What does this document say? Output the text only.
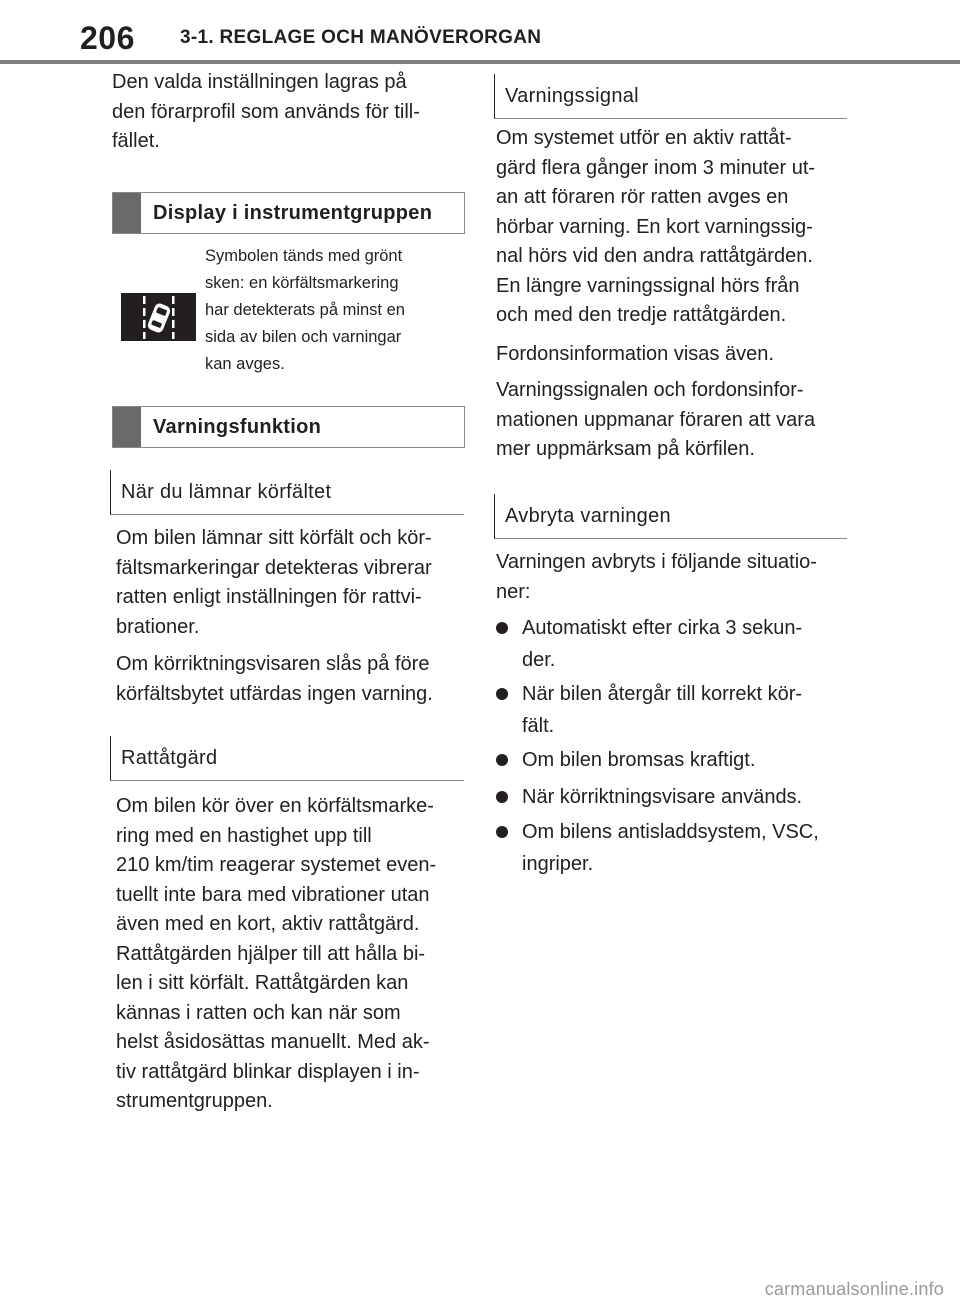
206 3-1. REGLAGE OCH MANÖVERORGAN
Den valda inställningen lagras på
den förarprofil som används för till-
fället.
Display i instrumentgruppen
Symbolen tänds med grönt
sken: en körfältsmarkering
har detekterats på minst en
sida av bilen och varningar
kan avges.
Varningsfunktion
När du lämnar körfältet
Om bilen lämnar sitt körfält och kör-
fältsmarkeringar detekteras vibrerar
ratten enligt inställningen för rattvi-
brationer.
Om körriktningsvisaren slås på före
körfältsbytet utfärdas ingen varning.
Rattåtgärd
Om bilen kör över en körfältsmarke-
ring med en hastighet upp till
210 km/tim reagerar systemet even-
tuellt inte bara med vibrationer utan
även med en kort, aktiv rattåtgärd.
Rattåtgärden hjälper till att hålla bi-
len i sitt körfält. Rattåtgärden kan
kännas i ratten och kan när som
helst åsidosättas manuellt. Med ak-
tiv rattåtgärd blinkar displayen i in-
strumentgruppen.
Varningssignal
Om systemet utför en aktiv rattåt-
gärd flera gånger inom 3 minuter ut-
an att föraren rör ratten avges en
hörbar varning. En kort varningssig-
nal hörs vid den andra rattåtgärden.
En längre varningssignal hörs från
och med den tredje rattåtgärden.
Fordonsinformation visas även.
Varningssignalen och fordonsinfor-
mationen uppmanar föraren att vara
mer uppmärksam på körfilen.
Avbryta varningen
Varningen avbryts i följande situatio-
ner:
Automatiskt efter cirka 3 sekun-
der.
När bilen återgår till korrekt kör-
fält.
Om bilen bromsas kraftigt.
När körriktningsvisare används.
Om bilens antisladdsystem, VSC,
ingriper.
carmanualsonline.info
